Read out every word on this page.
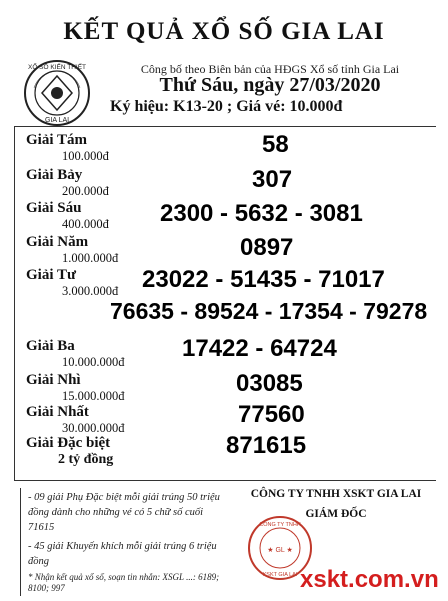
KẾT QUẢ XỔ SỐ GIA LAI
XỔ SỐ KIẾN THIẾT
GIA LAI
Công bố theo Biên bản của HĐGS Xổ số tỉnh Gia Lai
Thứ Sáu, ngày 27/03/2020
Ký hiệu: K13-20 ; Giá vé: 10.000đ
Giải Tám
100.000đ	58
Giải Bảy
200.000đ	307
Giải Sáu
400.000đ 2300 - 5632 - 3081
Giải Năm
1.000.000đ	0897
Giải Tư
3.000.000đ 23022 - 51435 - 71017
76635 - 89524 - 17354 - 79278
Giải Ba
10.000.000đ 17422 - 64724
Giải Nhì
15.000.000đ	03085
Giải Nhất
30.000.000đ	77560
Giải Đặc biệt
2 tỷ đồng
871615
- 09 giải Phụ Đặc biệt mỗi giải trúng 50 triệu đồng dành cho những vé có 5 chữ số cuối 71615
- 45 giải Khuyến khích mỗi giải trúng 6 triệu đồng
* Nhận kết quả xổ số, soạn tin nhắn: XSGL ...: 6189; 8100; 997
CÔNG TY TNHH XSKT GIA LAI
GIÁM ĐỐC
★ GL ★
CÔNG TY TNHH
XSKT GIA LAI xskt.com.vn
